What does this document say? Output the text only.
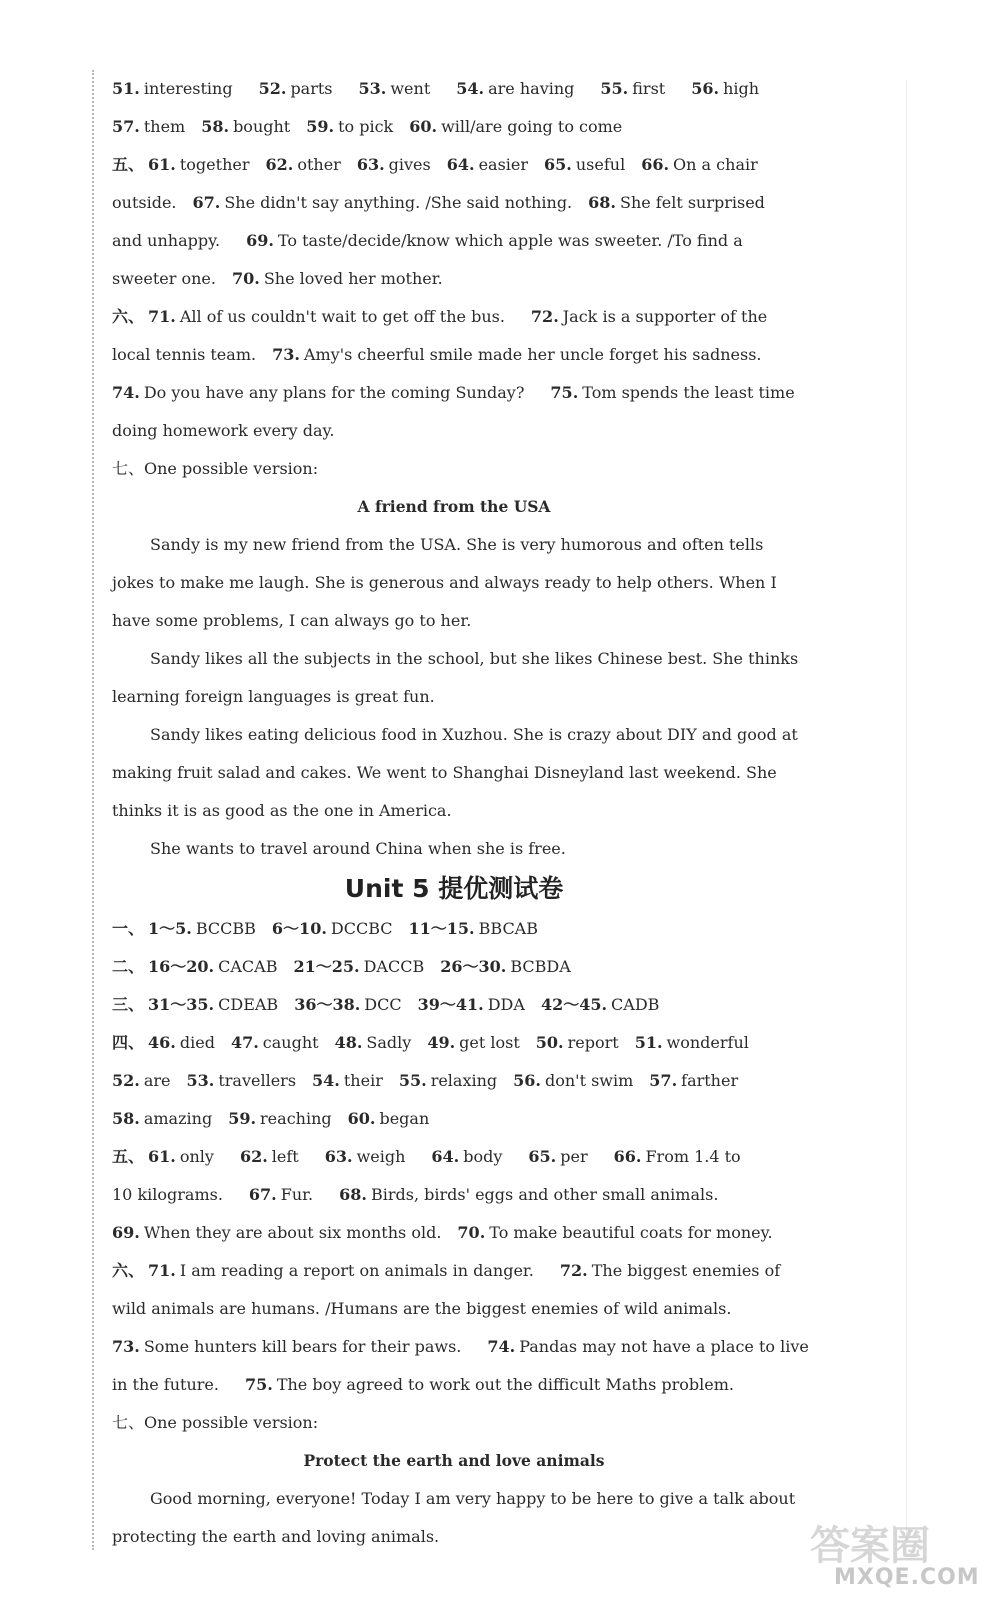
51. interesting 52. parts 53. went 54. are having 55. first 56. high
57. them 58. bought 59. to pick 60. will/are going to come
五、 61. together 62. other 63. gives 64. easier 65. useful 66. On a chair
outside. 67. She didn't say anything. /She said nothing. 68. She felt surprised
and unhappy. 69. To taste/decide/know which apple was sweeter. /To find a
sweeter one. 70. She loved her mother.
六、 71. All of us couldn't wait to get off the bus. 72. Jack is a supporter of the
local tennis team. 73. Amy's cheerful smile made her uncle forget his sadness.
74. Do you have any plans for the coming Sunday? 75. Tom spends the least time
doing homework every day.
七、One possible version:
A friend from the USA
Sandy is my new friend from the USA. She is very humorous and often tells
jokes to make me laugh. She is generous and always ready to help others. When I
have some problems, I can always go to her.
Sandy likes all the subjects in the school, but she likes Chinese best. She thinks
learning foreign languages is great fun.
Sandy likes eating delicious food in Xuzhou. She is crazy about DIY and good at
making fruit salad and cakes. We went to Shanghai Disneyland last weekend. She
thinks it is as good as the one in America.
She wants to travel around China when she is free.
Unit 5 提优测试卷
一、 1～5. BCCBB 6～10. DCCBC 11～15. BBCAB
二、 16～20. CACAB 21～25. DACCB 26～30. BCBDA
三、 31～35. CDEAB 36～38. DCC 39～41. DDA 42～45. CADB
四、 46. died 47. caught 48. Sadly 49. get lost 50. report 51. wonderful
52. are 53. travellers 54. their 55. relaxing 56. don't swim 57. farther
58. amazing 59. reaching 60. began
五、 61. only 62. left 63. weigh 64. body 65. per 66. From 1.4 to
10 kilograms. 67. Fur. 68. Birds, birds' eggs and other small animals.
69. When they are about six months old. 70. To make beautiful coats for money.
六、 71. I am reading a report on animals in danger. 72. The biggest enemies of
wild animals are humans. /Humans are the biggest enemies of wild animals.
73. Some hunters kill bears for their paws. 74. Pandas may not have a place to live
in the future. 75. The boy agreed to work out the difficult Maths problem.
七、One possible version:
Protect the earth and love animals
Good morning, everyone! Today I am very happy to be here to give a talk about
protecting the earth and loving animals.	答案圈
MXQE.COM
